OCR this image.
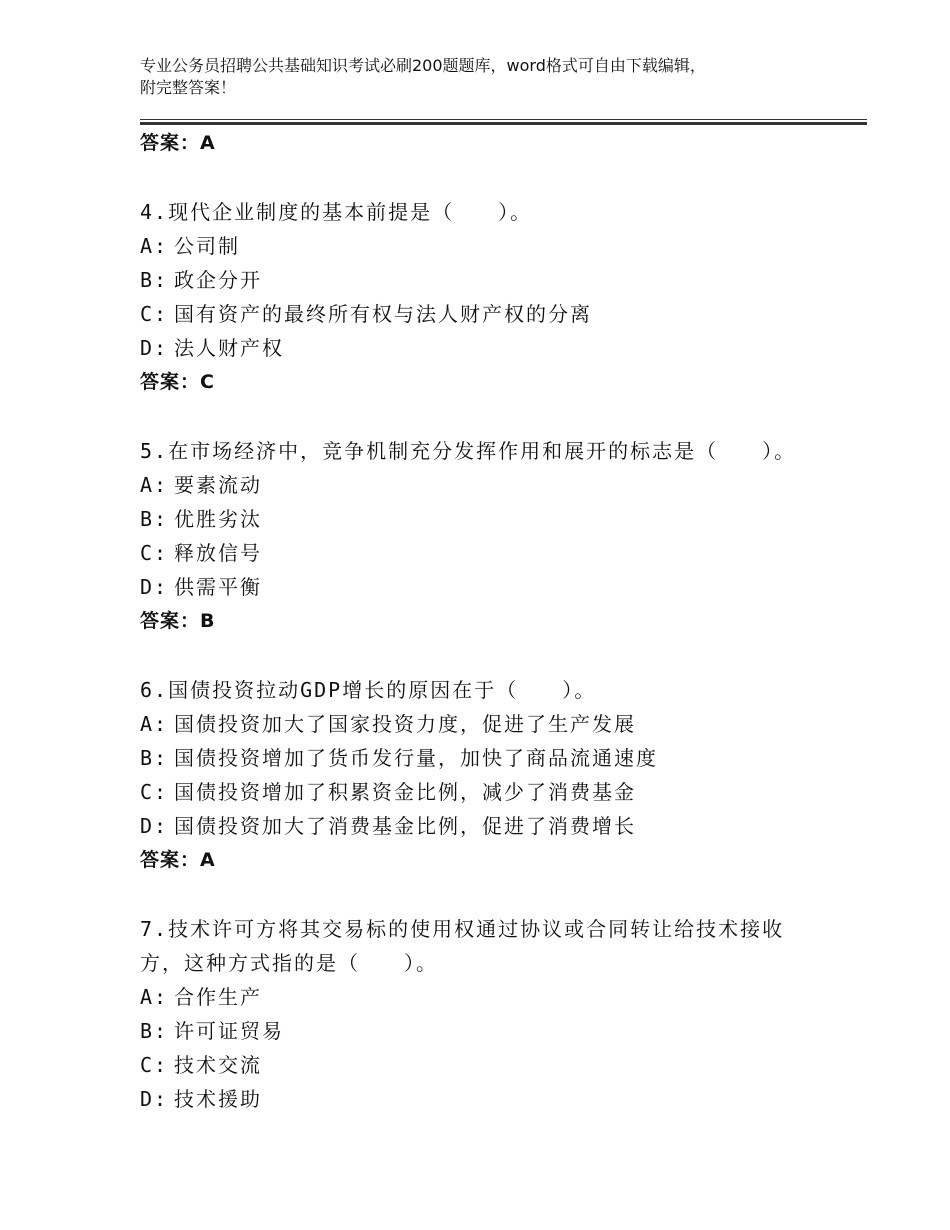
专业公务员招聘公共基础知识考试必刷200题题库，word格式可自由下载编辑，
附完整答案！
答案：A
4.现代企业制度的基本前提是（　　）。
A: 公司制
B: 政企分开
C: 国有资产的最终所有权与法人财产权的分离
D: 法人财产权
答案：C
5.在市场经济中，竞争机制充分发挥作用和展开的标志是（　　）。
A: 要素流动
B: 优胜劣汰
C: 释放信号
D: 供需平衡
答案：B
6.国债投资拉动GDP增长的原因在于（　　）。
A: 国债投资加大了国家投资力度，促进了生产发展
B: 国债投资增加了货币发行量，加快了商品流通速度
C: 国债投资增加了积累资金比例，减少了消费基金
D: 国债投资加大了消费基金比例，促进了消费增长
答案：A
7.技术许可方将其交易标的使用权通过协议或合同转让给技术接收
方，这种方式指的是（　　）。
A: 合作生产
B: 许可证贸易
C: 技术交流
D: 技术援助
